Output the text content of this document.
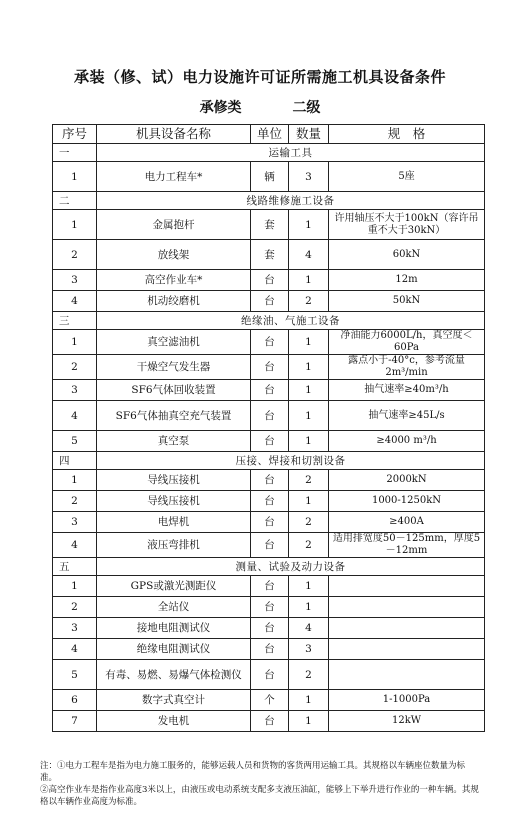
承装（修、试）电力设施许可证所需施工机具设备条件
承修类	二级
序号	机具设备名称	单位	数量	规　格
一	运输工具			
1	电力工程车*	辆	3	5座
二	线路维修施工设备			
1	金属抱杆	套	1	许用轴压不大于100kN（容许吊重不大于30kN）
2	放线架	套	4	60kN
3	高空作业车*	台	1	12m
4	机动绞磨机	台	2	50kN
三	绝缘油、气施工设备			
1	真空滤油机	台	1	净油能力6000L/h，真空度＜60Pa
2	干燥空气发生器	台	1	露点小于-40°c，参考流量2m³/min
3	SF6气体回收装置	台	1	抽气速率≥40m³/h
4	SF6气体抽真空充气装置	台	1	抽气速率≥45L/s
5	真空泵	台	1	≥4000 m³/h
四	压接、焊接和切割设备			
1	导线压接机	台	2	2000kN
2	导线压接机	台	1	1000-1250kN
3	电焊机	台	2	≥400A
4	液压弯排机	台	2	适用排宽度50－125mm，厚度5－12mm
五	测量、试验及动力设备			
1	GPS或激光测距仪	台	1	
2	全站仪	台	1	
3	接地电阻测试仪	台	4	
4	绝缘电阻测试仪	台	3	
5	有毒、易燃、易爆气体检测仪	台	2	
6	数字式真空计	个	1	1-1000Pa
7	发电机	台	1	12kW
注：①电力工程车是指为电力施工服务的，能够运载人员和货物的客货两用运输工具。其规格以车辆座位数量为标准。
②高空作业车是指作业高度3米以上，由液压或电动系统支配多支液压油缸，能够上下举升进行作业的一种车辆。其规格以车辆作业高度为标准。
